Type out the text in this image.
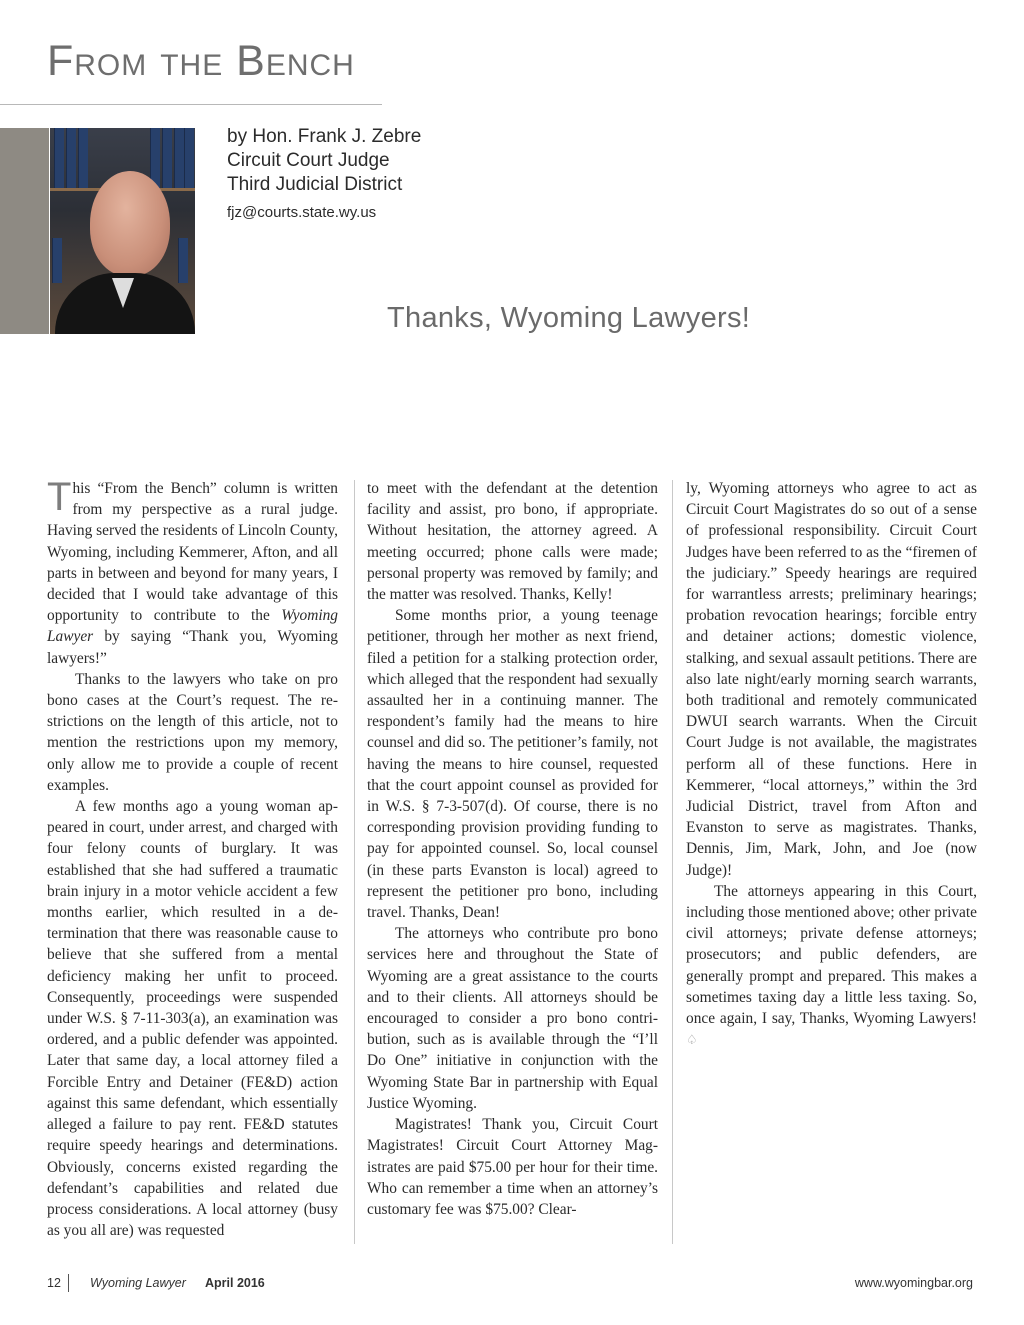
From the Bench
by Hon. Frank J. Zebre
Circuit Court Judge
Third Judicial District
fjz@courts.state.wy.us
Thanks, Wyoming Lawyers!

This “From the Bench” column is written from my perspective as a rural judge. Having served the residents of Lincoln County, Wyoming, including Kemmerer, Afton, and all parts in between and beyond for many years, I decided that I would take advantage of this opportunity to contribute to the Wyoming Lawyer by saying “Thank you, Wyoming lawyers!”

Thanks to the lawyers who take on pro bono cases at the Court’s request. The restrictions on the length of this article, not to mention the restrictions upon my memory, only allow me to provide a couple of recent examples.

A few months ago a young woman appeared in court, under arrest, and charged with four felony counts of burglary. It was established that she had suffered a traumatic brain injury in a motor vehicle accident a few months earlier, which resulted in a determination that there was reasonable cause to believe that she suffered from a mental deficiency making her unfit to proceed. Consequently, proceedings were suspended under W.S. § 7-11-303(a), an examination was ordered, and a public defender was appointed. Later that same day, a local attorney filed a Forcible Entry and Detainer (FE&D) action against this same defendant, which essentially alleged a failure to pay rent. FE&D statutes require speedy hearings and determinations. Obviously, concerns existed regarding the defendant’s capabilities and related due process considerations. A local attorney (busy as you all are) was requested

to meet with the defendant at the detention facility and assist, pro bono, if appropriate. Without hesitation, the attorney agreed. A meeting occurred; phone calls were made; personal property was removed by family; and the matter was resolved. Thanks, Kelly!

Some months prior, a young teenage petitioner, through her mother as next friend, filed a petition for a stalking protection order, which alleged that the respondent had sexually assaulted her in a continuing manner. The respondent’s family had the means to hire counsel and did so. The petitioner’s family, not having the means to hire counsel, requested that the court appoint counsel as provided for in W.S. § 7-3-507(d). Of course, there is no corresponding provision providing funding to pay for appointed counsel. So, local counsel (in these parts Evanston is local) agreed to represent the petitioner pro bono, including travel. Thanks, Dean!

The attorneys who contribute pro bono services here and throughout the State of Wyoming are a great assistance to the courts and to their clients. All attorneys should be encouraged to consider a pro bono contribution, such as is available through the “I’ll Do One” initiative in conjunction with the Wyoming State Bar in partnership with Equal Justice Wyoming.

Magistrates! Thank you, Circuit Court Magistrates! Circuit Court Attorney Magistrates are paid $75.00 per hour for their time. Who can remember a time when an attorney’s customary fee was $75.00? Clear-

ly, Wyoming attorneys who agree to act as Circuit Court Magistrates do so out of a sense of professional responsibility. Circuit Court Judges have been referred to as the “firemen of the judiciary.” Speedy hearings are required for warrantless arrests; preliminary hearings; probation revocation hearings; forcible entry and detainer actions; domestic violence, stalking, and sexual assault petitions. There are also late night/early morning search warrants, both traditional and remotely communicated DWUI search warrants. When the Circuit Court Judge is not available, the magistrates perform all of these functions. Here in Kemmerer, “local attorneys,” within the 3rd Judicial District, travel from Afton and Evanston to serve as magistrates. Thanks, Dennis, Jim, Mark, John, and Joe (now Judge)!

The attorneys appearing in this Court, including those mentioned above; other private civil attorneys; private defense attorneys; prosecutors; and public defenders, are generally prompt and prepared. This makes a sometimes taxing day a little less taxing. So, once again, I say, Thanks, Wyoming Lawyers!♤

12 Wyoming Lawyer April 2016	www.wyomingbar.org
